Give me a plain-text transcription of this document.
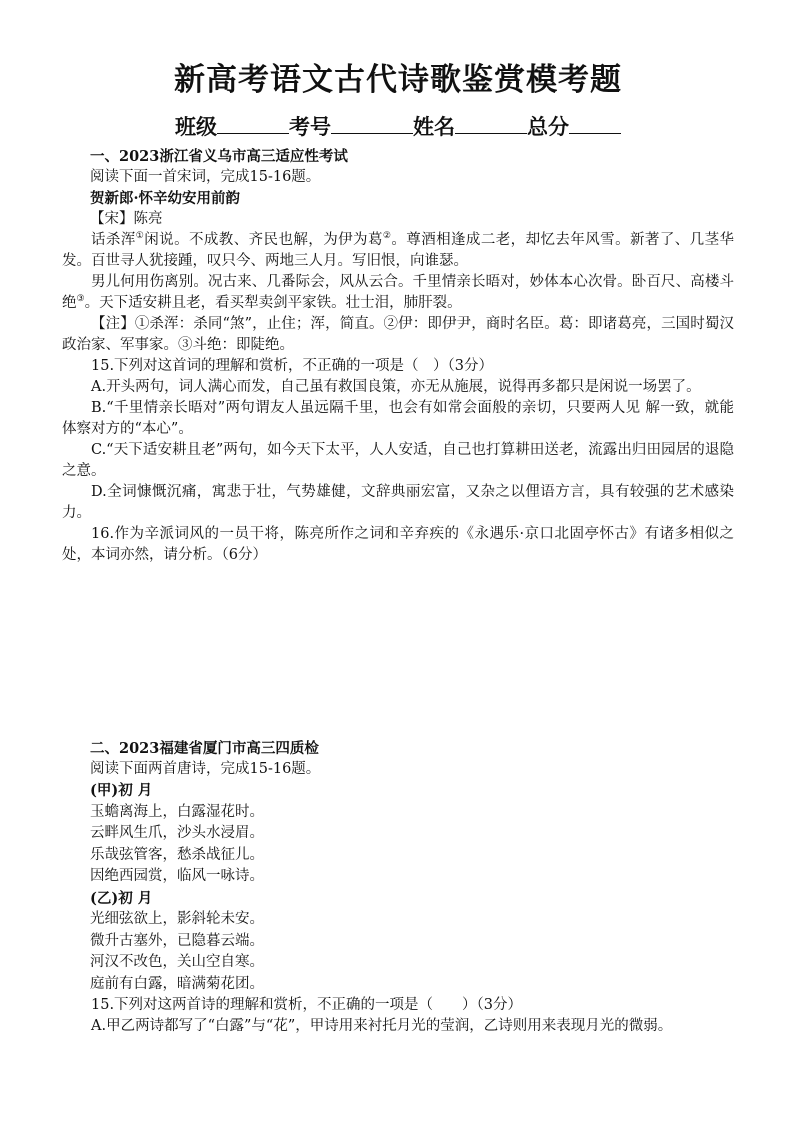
新高考语文古代诗歌鉴赏模考题
班级	考号	姓名	总分
一、2023浙江省义乌市高三适应性考试
阅读下面一首宋词，完成15-16题。
贺新郎·怀辛幼安用前韵
【宋】陈亮
话杀浑①闲说。不成教、齐民也解，为伊为葛②。尊酒相逢成二老，却忆去年风雪。新著了、几茎华发。百世寻人犹接踵，叹只今、两地三人月。写旧恨，向谁瑟。
男儿何用伤离别。况古来、几番际会，风从云合。千里情亲长晤对，妙体本心次骨。卧百尺、高楼斗绝③。天下适安耕且老，看买犁卖剑平家铁。壮士泪，肺肝裂。
【注】①杀浑：杀同“煞”，止住；浑，简直。②伊：即伊尹，商时名臣。葛：即诸葛亮，三国时蜀汉政治家、军事家。③斗绝：即陡绝。
15.下列对这首词的理解和赏析，不正确的一项是（　）（3分）
A.开头两句，词人满心而发，自己虽有救国良策，亦无从施展，说得再多都只是闲说一场罢了。
B.“千里情亲长晤对”两句谓友人虽远隔千里，也会有如常会面般的亲切，只要两人见 解一致，就能体察对方的“本心”。
C.“天下适安耕且老”两句，如今天下太平，人人安适，自己也打算耕田送老，流露出归田园居的退隐之意。
D.全词慷慨沉痛，寓悲于壮，气势雄健，文辞典丽宏富，又杂之以俚语方言，具有较强的艺术感染力。
16.作为辛派词风的一员干将，陈亮所作之词和辛弃疾的《永遇乐·京口北固亭怀古》有诸多相似之处，本词亦然，请分析。（6分）
二、2023福建省厦门市高三四质检
阅读下面两首唐诗，完成15-16题。
(甲)初 月
玉蟾离海上，白露湿花时。
云畔风生爪，沙头水浸眉。
乐哉弦管客，愁杀战征儿。
因绝西园赏，临风一咏诗。
(乙)初 月
光细弦欲上，影斜轮未安。
微升古塞外，已隐暮云端。
河汉不改色，关山空自寒。
庭前有白露，暗满菊花团。
15.下列对这两首诗的理解和赏析，不正确的一项是（　　）（3分）
A.甲乙两诗都写了“白露”与“花”，甲诗用来衬托月光的莹润，乙诗则用来表现月光的微弱。
